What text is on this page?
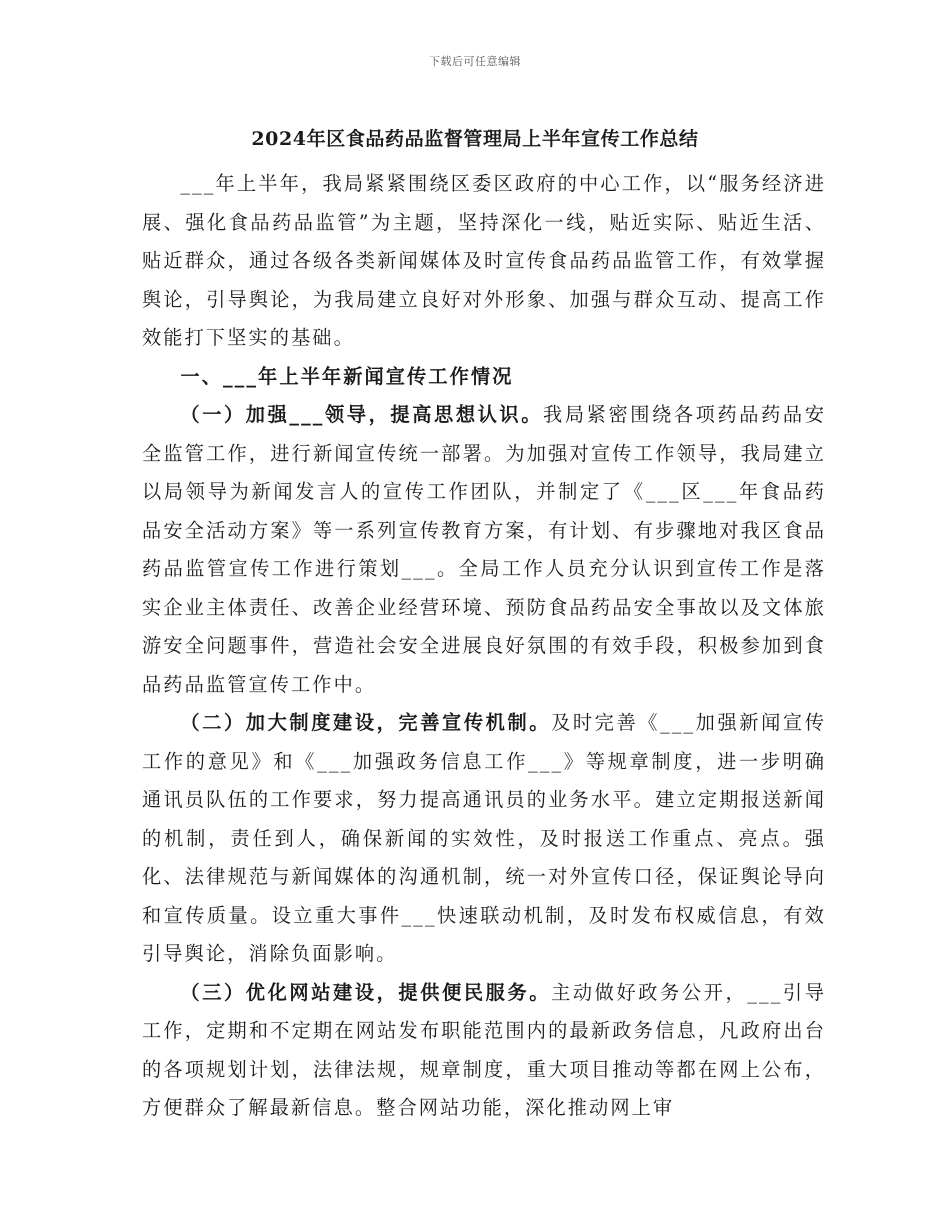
下载后可任意编辑
2024年区食品药品监督管理局上半年宣传工作总结

___年上半年，我局紧紧围绕区委区政府的中心工作，以“服务经济进展、强化食品药品监管”为主题，坚持深化一线，贴近实际、贴近生活、贴近群众，通过各级各类新闻媒体及时宣传食品药品监管工作，有效掌握舆论，引导舆论，为我局建立良好对外形象、加强与群众互动、提高工作效能打下坚实的基础。

一、___年上半年新闻宣传工作情况

（一）加强___领导，提高思想认识。我局紧密围绕各项药品药品安全监管工作，进行新闻宣传统一部署。为加强对宣传工作领导，我局建立以局领导为新闻发言人的宣传工作团队，并制定了《___区___年食品药品安全活动方案》等一系列宣传教育方案，有计划、有步骤地对我区食品药品监管宣传工作进行策划___。全局工作人员充分认识到宣传工作是落实企业主体责任、改善企业经营环境、预防食品药品安全事故以及文体旅游安全问题事件，营造社会安全进展良好氛围的有效手段，积极参加到食品药品监管宣传工作中。

（二）加大制度建设，完善宣传机制。及时完善《___加强新闻宣传工作的意见》和《___加强政务信息工作___》等规章制度，进一步明确通讯员队伍的工作要求，努力提高通讯员的业务水平。建立定期报送新闻的机制，责任到人，确保新闻的实效性，及时报送工作重点、亮点。强化、法律规范与新闻媒体的沟通机制，统一对外宣传口径，保证舆论导向和宣传质量。设立重大事件___快速联动机制，及时发布权威信息，有效引导舆论，消除负面影响。

（三）优化网站建设，提供便民服务。主动做好政务公开，___引导工作，定期和不定期在网站发布职能范围内的最新政务信息，凡政府出台的各项规划计划，法律法规，规章制度，重大项目推动等都在网上公布，方便群众了解最新信息。整合网站功能，深化推动网上审
